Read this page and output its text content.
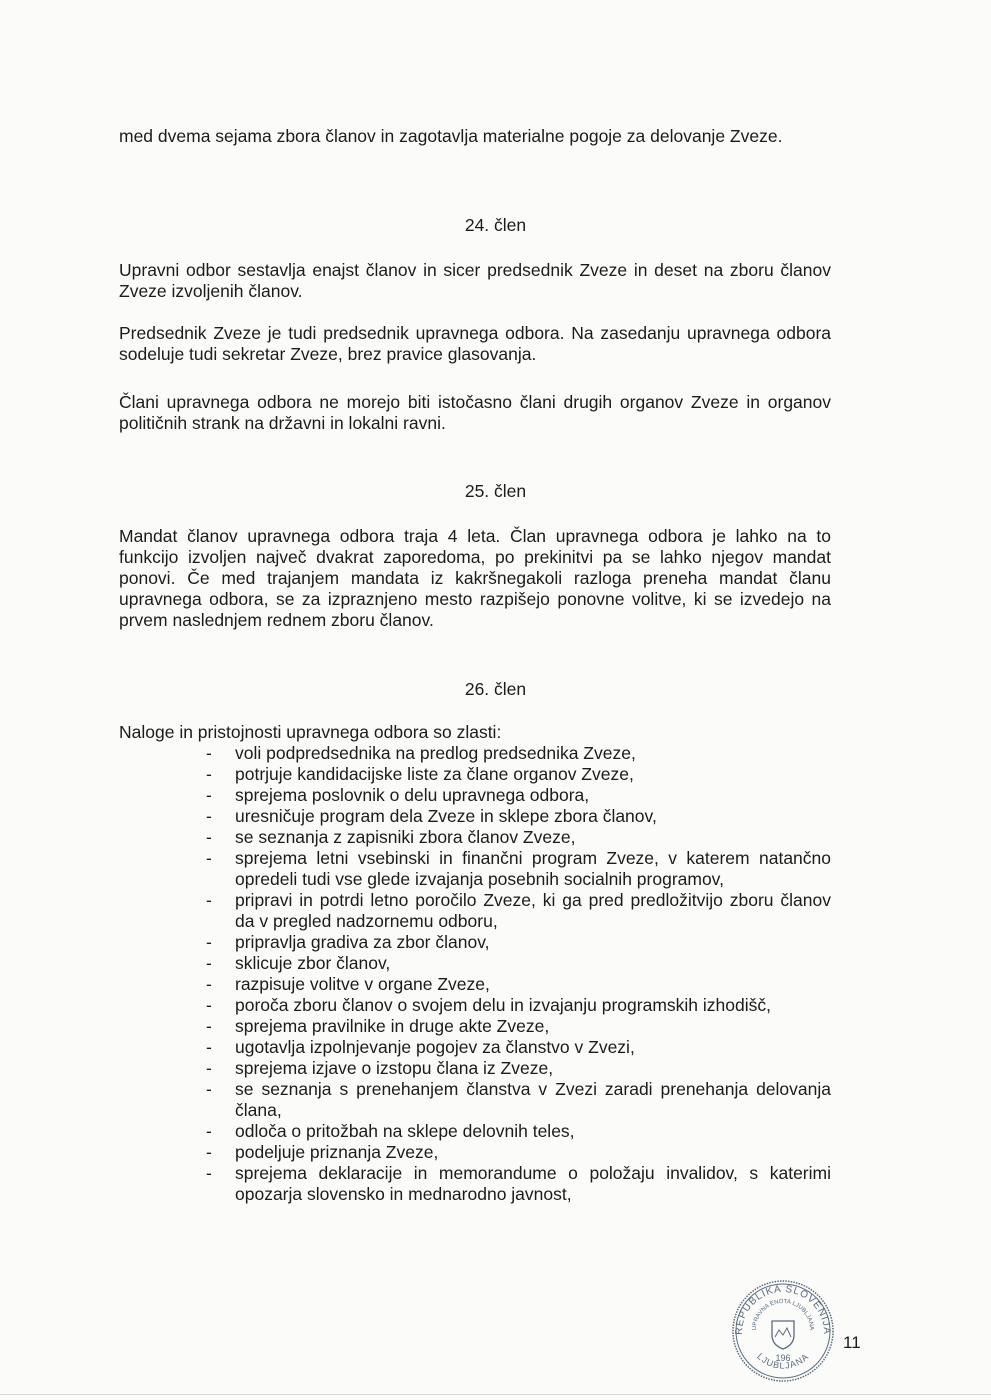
med dvema sejama zbora članov in zagotavlja materialne pogoje za delovanje Zveze.
24. člen
Upravni odbor sestavlja enajst članov in sicer predsednik Zveze in deset na zboru članov Zveze izvoljenih članov.
Predsednik Zveze je tudi predsednik upravnega odbora. Na zasedanju upravnega odbora sodeluje tudi sekretar Zveze, brez pravice glasovanja.
Člani upravnega odbora ne morejo biti istočasno člani drugih organov Zveze in organov političnih strank na državni in lokalni ravni.
25. člen
Mandat članov upravnega odbora traja 4 leta. Član upravnega odbora je lahko na to funkcijo izvoljen največ dvakrat zaporedoma, po prekinitvi pa se lahko njegov mandat ponovi. Če med trajanjem mandata iz kakršnegakoli razloga preneha mandat članu upravnega odbora, se za izpraznjeno mesto razpišejo ponovne volitve, ki se izvedejo na prvem naslednjem rednem zboru članov.
26. člen
Naloge in pristojnosti upravnega odbora so zlasti:
- voli podpredsednika na predlog predsednika Zveze,
- potrjuje kandidacijske liste za člane organov Zveze,
- sprejema poslovnik o delu upravnega odbora,
- uresničuje program dela Zveze in sklepe zbora članov,
- se seznanja z zapisniki zbora članov Zveze,
- sprejema letni vsebinski in finančni program Zveze, v katerem natančno opredeli tudi vse glede izvajanja posebnih socialnih programov,
- pripravi in potrdi letno poročilo Zveze, ki ga pred predložitvijo zboru članov da v pregled nadzornemu odboru,
- pripravlja gradiva za zbor članov,
- sklicuje zbor članov,
- razpisuje volitve v organe Zveze,
- poroča zboru članov o svojem delu in izvajanju programskih izhodišč,
- sprejema pravilnike in druge akte Zveze,
- ugotavlja izpolnjevanje pogojev za članstvo v Zvezi,
- sprejema izjave o izstopu člana iz Zveze,
- se seznanja s prenehanjem članstva v Zvezi zaradi prenehanja delovanja člana,
- odloča o pritožbah na sklepe delovnih teles,
- podeljuje priznanja Zveze,
- sprejema deklaracije in memorandume o položaju invalidov, s katerimi opozarja slovensko in mednarodno javnost,
REPUBLIKA SLOVENIJA
UPRAVNA ENOTA LJUBLJANA
196
LJUBLJANA
11
